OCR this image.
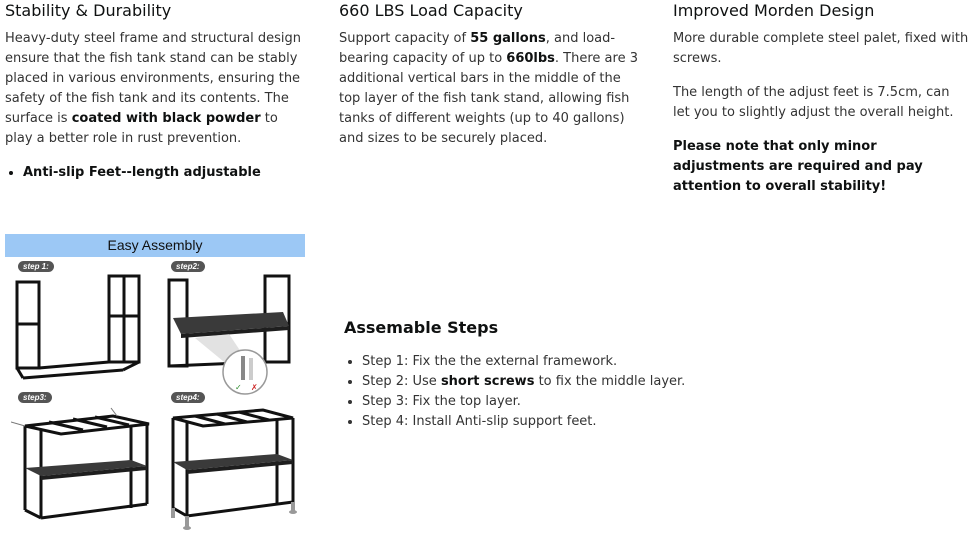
Stability & Durability

Heavy-duty steel frame and structural design ensure that the fish tank stand can be stably placed in various environments, ensuring the safety of the fish tank and its contents. The surface is coated with black powder to play a better role in rust prevention.

• Anti-slip Feet--length adjustable
660 LBS Load Capacity

Support capacity of 55 gallons, and load-bearing capacity of up to 660lbs. There are 3 additional vertical bars in the middle of the top layer of the fish tank stand, allowing fish tanks of different weights (up to 40 gallons) and sizes to be securely placed.

Improved Morden Design

More durable complete steel palet, fixed with screws.

The length of the adjust feet is 7.5cm, can let you to slightly adjust the overall height.

Please note that only minor adjustments are required and pay attention to overall stability!

Easy Assembly
step 1:	step2:
step3:	step4:
✓ ✗
Assemable Steps
• Step 1: Fix the the external framework.
• Step 2: Use short screws to fix the middle layer.
• Step 3: Fix the top layer.
• Step 4: Install Anti-slip support feet.
